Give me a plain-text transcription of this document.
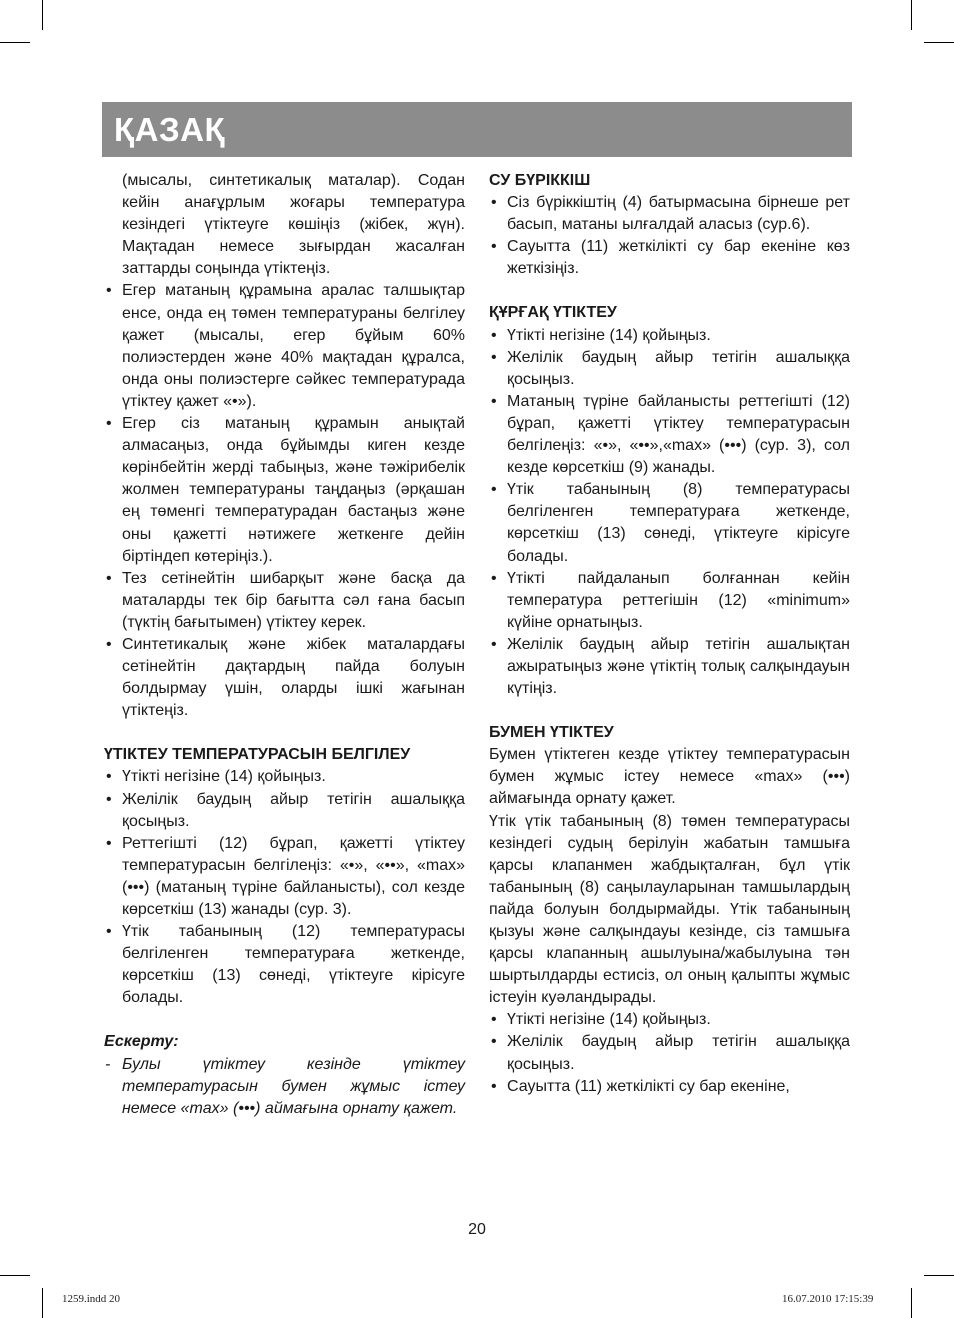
ҚАЗАҚ
(мысалы, синтетикалық маталар). Содан кейін анағұрлым жоғары температура кезіндегі үтіктеуге көшіңіз (жібек, жүн). Мақтадан немесе зығырдан жасалған заттарды соңында үтіктеңіз.
• Егер матаның құрамына аралас талшықтар енсе, онда ең төмен температураны белгілеу қажет (мысалы, егер бұйым 60% полиэстерден және 40% мақтадан құралса, онда оны полиэстерге сәйкес температурада үтіктеу қажет «•»).
• Егер сіз матаның құрамын анықтай алмасаңыз, онда бұйымды киген кезде көрінбейтін жерді табыңыз, және тәжірибелік жолмен температураны таңдаңыз (әрқашан ең төменгі температурадан бастаңыз және оны қажетті нәтижеге жеткенге дейін біртіндеп көтеріңіз.).
• Тез сетінейтін шибарқыт және басқа да маталарды тек бір бағытта сәл ғана басып (түктің бағытымен) үтіктеу керек.
• Синтетикалық және жібек маталардағы сетінейтін дақтардың пайда болуын болдырмау үшін, оларды ішкі жағынан үтіктеңіз.

ҮТІКТЕУ ТЕМПЕРАТУРАСЫН БЕЛГІЛЕУ

• Үтікті негізіне (14) қойыңыз.
• Желілік баудың айыр тетігін ашалыққа қосыңыз.
• Реттегішті (12) бұрап, қажетті үтіктеу температурасын белгілеңіз: «•», «••», «max» (•••) (матаның түріне байланысты), сол кезде көрсеткіш (13) жанады (сур. 3).
• Үтік табанының (12) температурасы белгіленген температураға жеткенде, көрсеткіш (13) сөнеді, үтіктеуге кірісуге болады.

Ескерту:

- Булы үтіктеу кезінде үтіктеу температурасын бумен жұмыс істеу немесе «max» (•••) аймағына орнату қажет.

СУ БҮРІККІШ

• Сіз бүріккіштің (4) батырмасына бірнеше рет басып, матаны ылғалдай аласыз (сур.6).
• Сауытта (11) жеткілікті су бар екеніне көз жеткізіңіз.

ҚҰРҒАҚ ҮТІКТЕУ

• Үтікті негізіне (14) қойыңыз.
• Желілік баудың айыр тетігін ашалыққа қосыңыз.
• Матаның түріне байланысты реттегішті (12) бұрап, қажетті үтіктеу температурасын белгілеңіз: «•», «••»,«max» (•••) (сур. 3), сол кезде көрсеткіш (9) жанады.
• Үтік табанының (8) температурасы белгіленген температураға жеткенде, көрсеткіш (13) сөнеді, үтіктеуге кірісуге болады.
• Үтікті пайдаланып болғаннан кейін температура реттегішін (12) «minimum» күйіне орнатыңыз.
• Желілік баудың айыр тетігін ашалықтан ажыратыңыз және үтіктің толық салқындауын күтіңіз.

БУМЕН ҮТІКТЕУ

Бумен үтіктеген кезде үтіктеу температурасын бумен жұмыс істеу немесе «max» (•••) аймағында орнату қажет.
Үтік үтік табанының (8) төмен температурасы кезіндегі судың берілуін жабатын тамшыға қарсы клапанмен жабдықталған, бұл үтік табанының (8) саңылауларынан тамшылардың пайда болуын болдырмайды. Үтік табанының қызуы және салқындауы кезінде, сіз тамшыға қарсы клапанның ашылуына/жабылуына тән шыртылдарды естисіз, ол оның қалыпты жұмыс істеуін куәландырады.
• Үтікті негізіне (14) қойыңыз.
• Желілік баудың айыр тетігін ашалыққа қосыңыз.
• Сауытта (11) жеткілікті су бар екеніне,
20
1259.indd 20	16.07.2010 17:15:39
